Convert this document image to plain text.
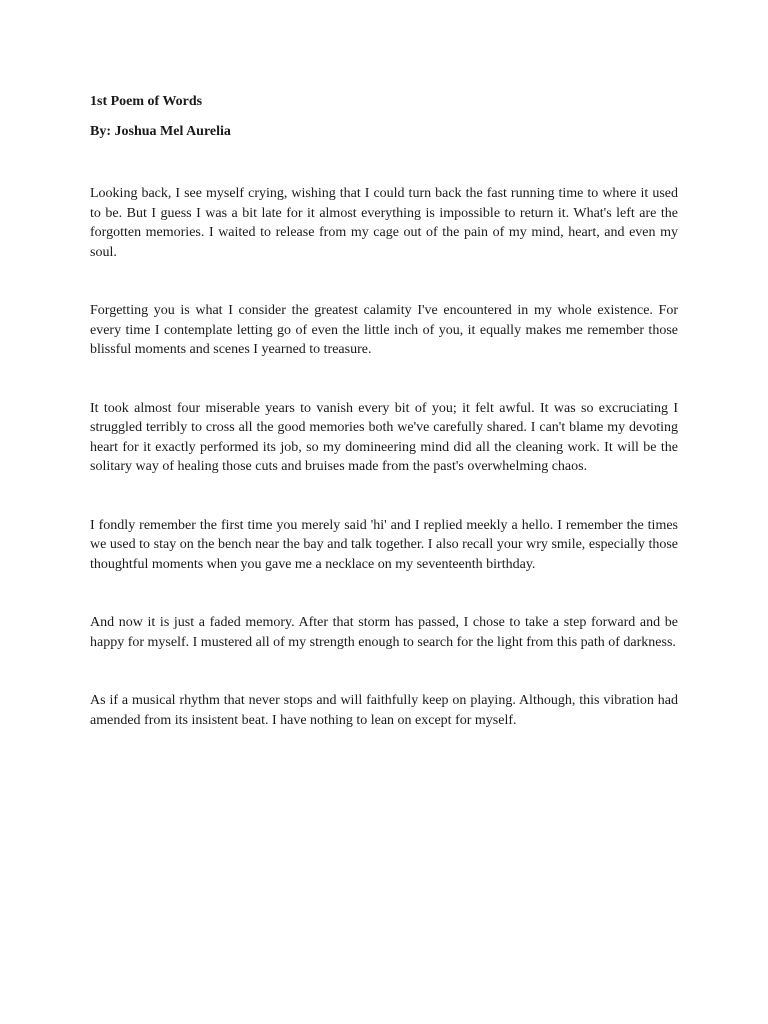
1st Poem of Words

By: Joshua Mel Aurelia

Looking back, I see myself crying, wishing that I could turn back the fast running time to where it used to be. But I guess I was a bit late for it almost everything is impossible to return it. What's left are the forgotten memories. I waited to release from my cage out of the pain of my mind, heart, and even my soul.

Forgetting you is what I consider the greatest calamity I've encountered in my whole existence. For every time I contemplate letting go of even the little inch of you, it equally makes me remember those blissful moments and scenes I yearned to treasure.

It took almost four miserable years to vanish every bit of you; it felt awful. It was so excruciating I struggled terribly to cross all the good memories both we've carefully shared. I can't blame my devoting heart for it exactly performed its job, so my domineering mind did all the cleaning work. It will be the solitary way of healing those cuts and bruises made from the past's overwhelming chaos.

I fondly remember the first time you merely said 'hi' and I replied meekly a hello. I remember the times we used to stay on the bench near the bay and talk together. I also recall your wry smile, especially those thoughtful moments when you gave me a necklace on my seventeenth birthday.

And now it is just a faded memory. After that storm has passed, I chose to take a step forward and be happy for myself. I mustered all of my strength enough to search for the light from this path of darkness.

As if a musical rhythm that never stops and will faithfully keep on playing. Although, this vibration had amended from its insistent beat. I have nothing to lean on except for myself.
